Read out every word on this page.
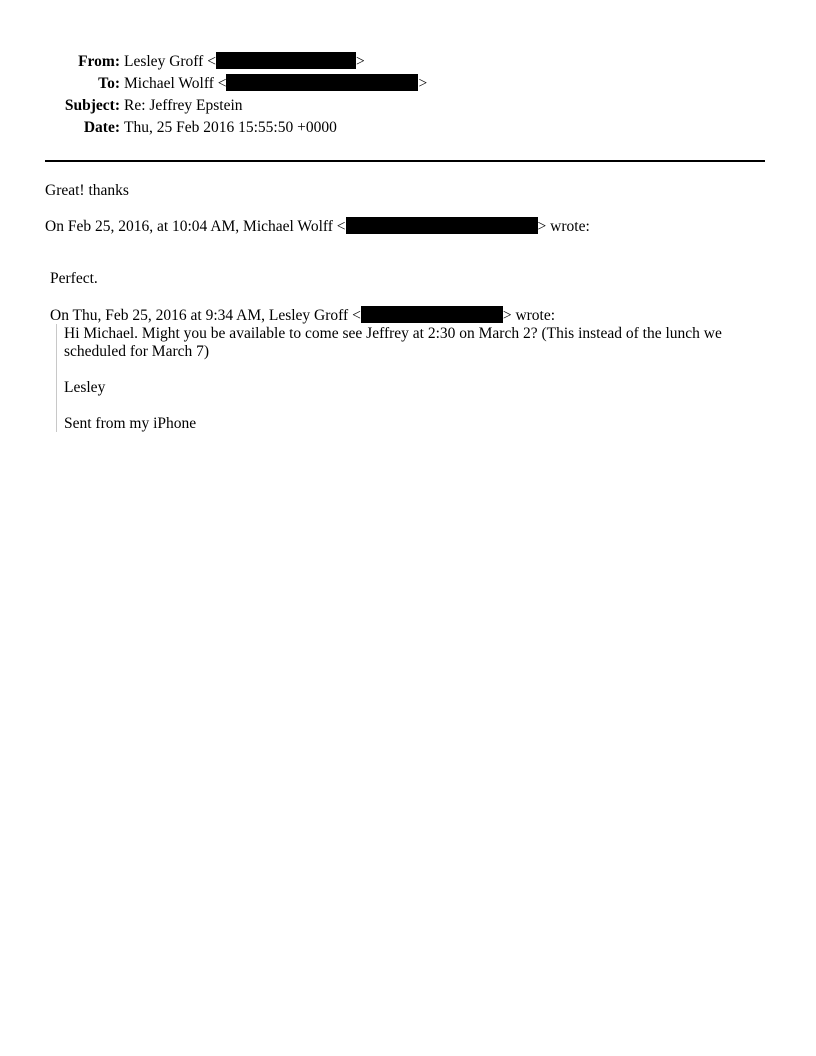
From: Lesley Groff <	>
To: Michael Wolff <	>
Subject: Re: Jeffrey Epstein
Date: Thu, 25 Feb 2016 15:55:50 +0000
Great! thanks
On Feb 25, 2016, at 10:04 AM, Michael Wolff <	> wrote:
Perfect.
On Thu, Feb 25, 2016 at 9:34 AM, Lesley Groff <	> wrote:
Hi Michael. Might you be available to come see Jeffrey at 2:30 on March 2? (This instead of the lunch we scheduled for March 7)
Lesley
Sent from my iPhone
